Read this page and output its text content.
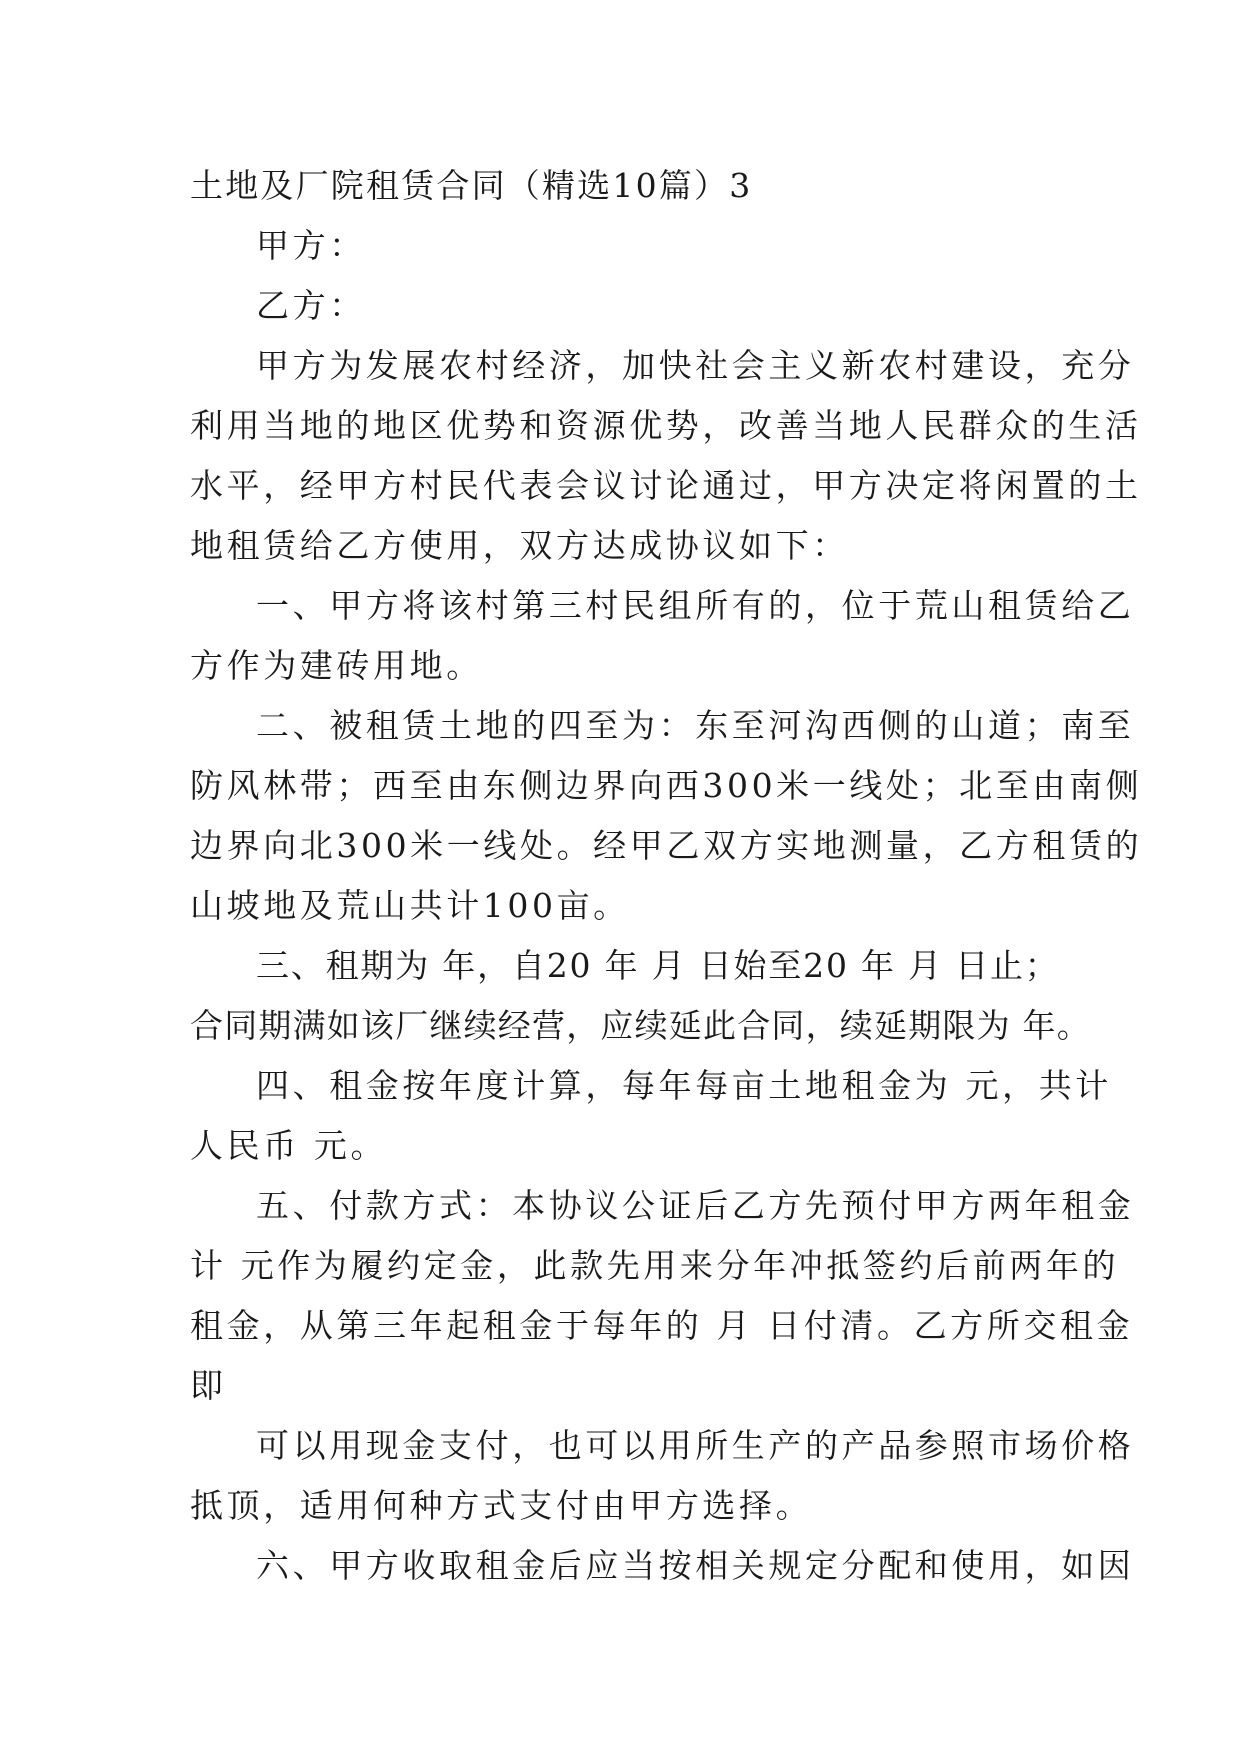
土地及厂院租赁合同（精选10篇）3
甲方：
乙方：
甲方为发展农村经济，加快社会主义新农村建设，充分
利用当地的地区优势和资源优势，改善当地人民群众的生活
水平，经甲方村民代表会议讨论通过，甲方决定将闲置的土
地租赁给乙方使用，双方达成协议如下：
一、甲方将该村第三村民组所有的，位于荒山租赁给乙
方作为建砖用地。
二、被租赁土地的四至为：东至河沟西侧的山道；南至
防风林带；西至由东侧边界向西300米一线处；北至由南侧
边界向北300米一线处。经甲乙双方实地测量，乙方租赁的
山坡地及荒山共计100亩。
三、租期为 年，自20 年 月 日始至20 年 月 日止；
合同期满如该厂继续经营，应续延此合同，续延期限为 年。
四、租金按年度计算，每年每亩土地租金为 元，共计
人民币 元。
五、付款方式：本协议公证后乙方先预付甲方两年租金
计 元作为履约定金，此款先用来分年冲抵签约后前两年的
租金，从第三年起租金于每年的 月 日付清。乙方所交租金
即
可以用现金支付，也可以用所生产的产品参照市场价格
抵顶，适用何种方式支付由甲方选择。
六、甲方收取租金后应当按相关规定分配和使用，如因
